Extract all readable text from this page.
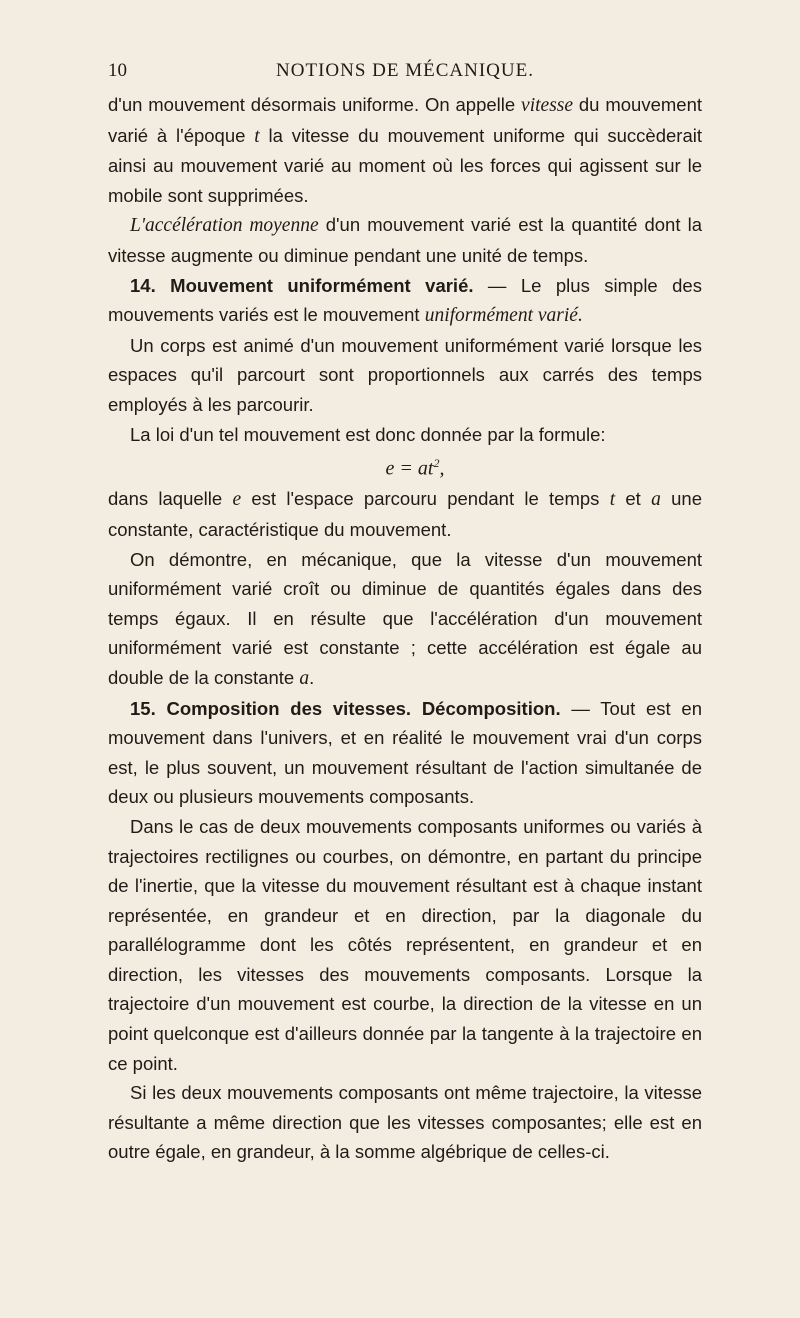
10	NOTIONS DE MÉCANIQUE.

d'un mouvement désormais uniforme. On appelle vitesse du mouvement varié à l'époque t la vitesse du mouvement uniforme qui succèderait ainsi au mouvement varié au moment où les forces qui agissent sur le mobile sont supprimées.

L'accélération moyenne d'un mouvement varié est la quantité dont la vitesse augmente ou diminue pendant une unité de temps.

14. Mouvement uniformément varié. — Le plus simple des mouvements variés est le mouvement uniformément varié.

Un corps est animé d'un mouvement uniformément varié lorsque les espaces qu'il parcourt sont proportionnels aux carrés des temps employés à les parcourir.

La loi d'un tel mouvement est donc donnée par la formule:

$e = at^2$,

dans laquelle e est l'espace parcouru pendant le temps t et a une constante, caractéristique du mouvement.

On démontre, en mécanique, que la vitesse d'un mouvement uniformément varié croît ou diminue de quantités égales dans des temps égaux. Il en résulte que l'accélération d'un mouvement uniformément varié est constante ; cette accélération est égale au double de la constante a.

15. Composition des vitesses. Décomposition. — Tout est en mouvement dans l'univers, et en réalité le mouvement vrai d'un corps est, le plus souvent, un mouvement résultant de l'action simultanée de deux ou plusieurs mouvements composants.

Dans le cas de deux mouvements composants uniformes ou variés à trajectoires rectilignes ou courbes, on démontre, en partant du principe de l'inertie, que la vitesse du mouvement résultant est à chaque instant représentée, en grandeur et en direction, par la diagonale du parallélogramme dont les côtés représentent, en grandeur et en direction, les vitesses des mouvements composants. Lorsque la trajectoire d'un mouvement est courbe, la direction de la vitesse en un point quelconque est d'ailleurs donnée par la tangente à la trajectoire en ce point.

Si les deux mouvements composants ont même trajectoire, la vitesse résultante a même direction que les vitesses composantes; elle est en outre égale, en grandeur, à la somme algébrique de celles-ci.
